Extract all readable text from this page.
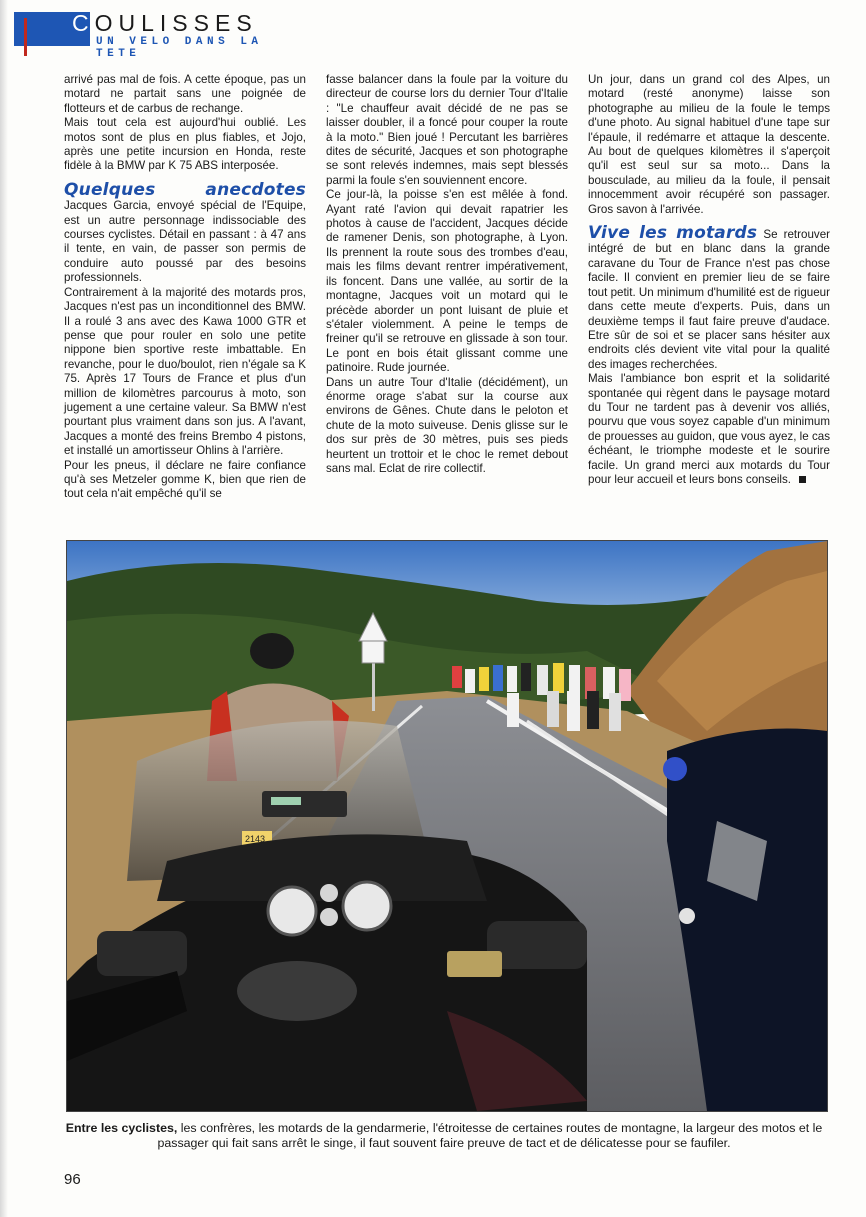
COULISSES
UN VELO DANS LA TETE

arrivé pas mal de fois. A cette époque, pas un motard ne partait sans une poignée de flotteurs et de carbus de rechange.

Mais tout cela est aujourd'hui oublié. Les motos sont de plus en plus fiables, et Jojo, après une petite incursion en Honda, reste fidèle à la BMW par K 75 ABS interposée.

Quelques anecdotes Jacques Garcia, envoyé spécial de l'Equipe, est un autre personnage indissociable des courses cyclistes. Détail en passant : à 47 ans il tente, en vain, de passer son permis de conduire auto poussé par des besoins professionnels.

Contrairement à la majorité des motards pros, Jacques n'est pas un inconditionnel des BMW. Il a roulé 3 ans avec des Kawa 1000 GTR et pense que pour rouler en solo une petite nippone bien sportive reste imbattable. En revanche, pour le duo/boulot, rien n'égale sa K 75. Après 17 Tours de France et plus d'un million de kilomètres parcourus à moto, son jugement a une certaine valeur. Sa BMW n'est pourtant plus vraiment dans son jus. A l'avant, Jacques a monté des freins Brembo 4 pistons, et installé un amortisseur Ohlins à l'arrière.

Pour les pneus, il déclare ne faire confiance qu'à ses Metzeler gomme K, bien que rien de tout cela n'ait empêché qu'il se

fasse balancer dans la foule par la voiture du directeur de course lors du dernier Tour d'Italie : "Le chauffeur avait décidé de ne pas se laisser doubler, il a foncé pour couper la route à la moto." Bien joué ! Percutant les barrières dites de sécurité, Jacques et son photographe se sont relevés indemnes, mais sept blessés parmi la foule s'en souviennent encore.

Ce jour-là, la poisse s'en est mêlée à fond. Ayant raté l'avion qui devait rapatrier les photos à cause de l'accident, Jacques décide de ramener Denis, son photographe, à Lyon. Ils prennent la route sous des trombes d'eau, mais les films devant rentrer impérativement, ils foncent. Dans une vallée, au sortir de la montagne, Jacques voit un motard qui le précède aborder un pont luisant de pluie et s'étaler violemment. A peine le temps de freiner qu'il se retrouve en glissade à son tour. Le pont en bois était glissant comme une patinoire. Rude journée.

Dans un autre Tour d'Italie (décidément), un énorme orage s'abat sur la course aux environs de Gênes. Chute dans le peloton et chute de la moto suiveuse. Denis glisse sur le dos sur près de 30 mètres, puis ses pieds heurtent un trottoir et le choc le remet debout sans mal. Eclat de rire collectif.

Un jour, dans un grand col des Alpes, un motard (resté anonyme) laisse son photographe au milieu de la foule le temps d'une photo. Au signal habituel d'une tape sur l'épaule, il redémarre et attaque la descente. Au bout de quelques kilomètres il s'aperçoit qu'il est seul sur sa moto... Dans la bousculade, au milieu da la foule, il pensait innocemment avoir récupéré son passager. Gros savon à l'arrivée.

Vive les motards Se retrouver intégré de but en blanc dans la grande caravane du Tour de France n'est pas chose facile. Il convient en premier lieu de se faire tout petit. Un minimum d'humilité est de rigueur dans cette meute d'experts. Puis, dans un deuxième temps il faut faire preuve d'audace. Etre sûr de soi et se placer sans hésiter aux endroits clés devient vite vital pour la qualité des images recherchées.

Mais l'ambiance bon esprit et la solidarité spontanée qui règent dans le paysage motard du Tour ne tardent pas à devenir vos alliés, pourvu que vous soyez capable d'un minimum de prouesses au guidon, que vous ayez, le cas échéant, le triomphe modeste et le sourire facile. Un grand merci aux motards du Tour pour leur accueil et leurs bons conseils.

2143
Entre les cyclistes, les confrères, les motards de la gendarmerie, l'étroitesse de certaines routes de montagne, la largeur des motos et le passager qui fait sans arrêt le singe, il faut souvent faire preuve de tact et de délicatesse pour se faufiler.
96
